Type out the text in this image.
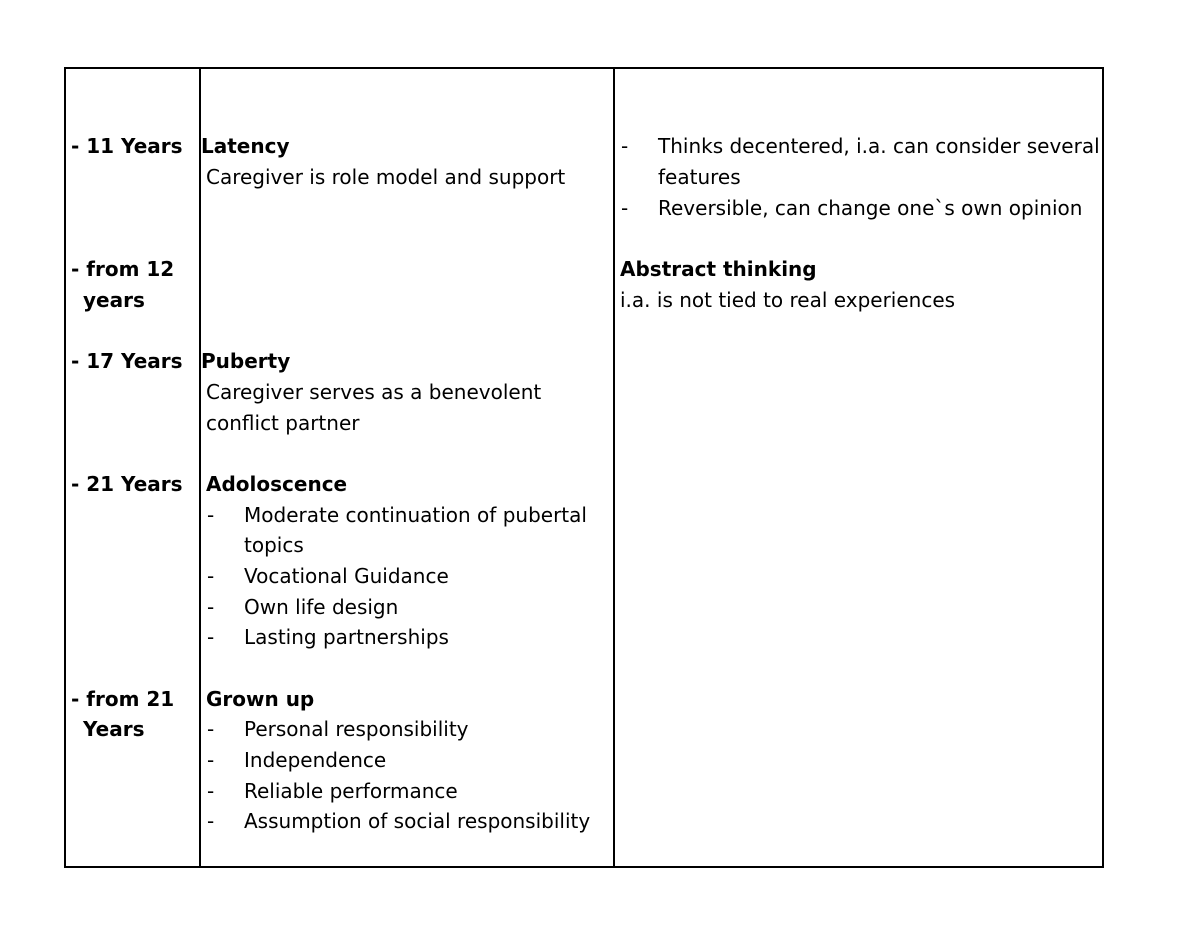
- 11 Years
- from 12
years
- 17 Years
- 21 Years
- from 21
Years
Latency
Caregiver is role model and support
Puberty
Caregiver serves as a benevolent
conflict partner
Adoloscence
- Moderate continuation of pubertal
topics
- Vocational Guidance
- Own life design
- Lasting partnerships
Grown up
- Personal responsibility
- Independence
- Reliable performance
- Assumption of social responsibility
- Thinks decentered, i.a. can consider several
features
- Reversible, can change one`s own opinion
Abstract thinking
i.a. is not tied to real experiences
